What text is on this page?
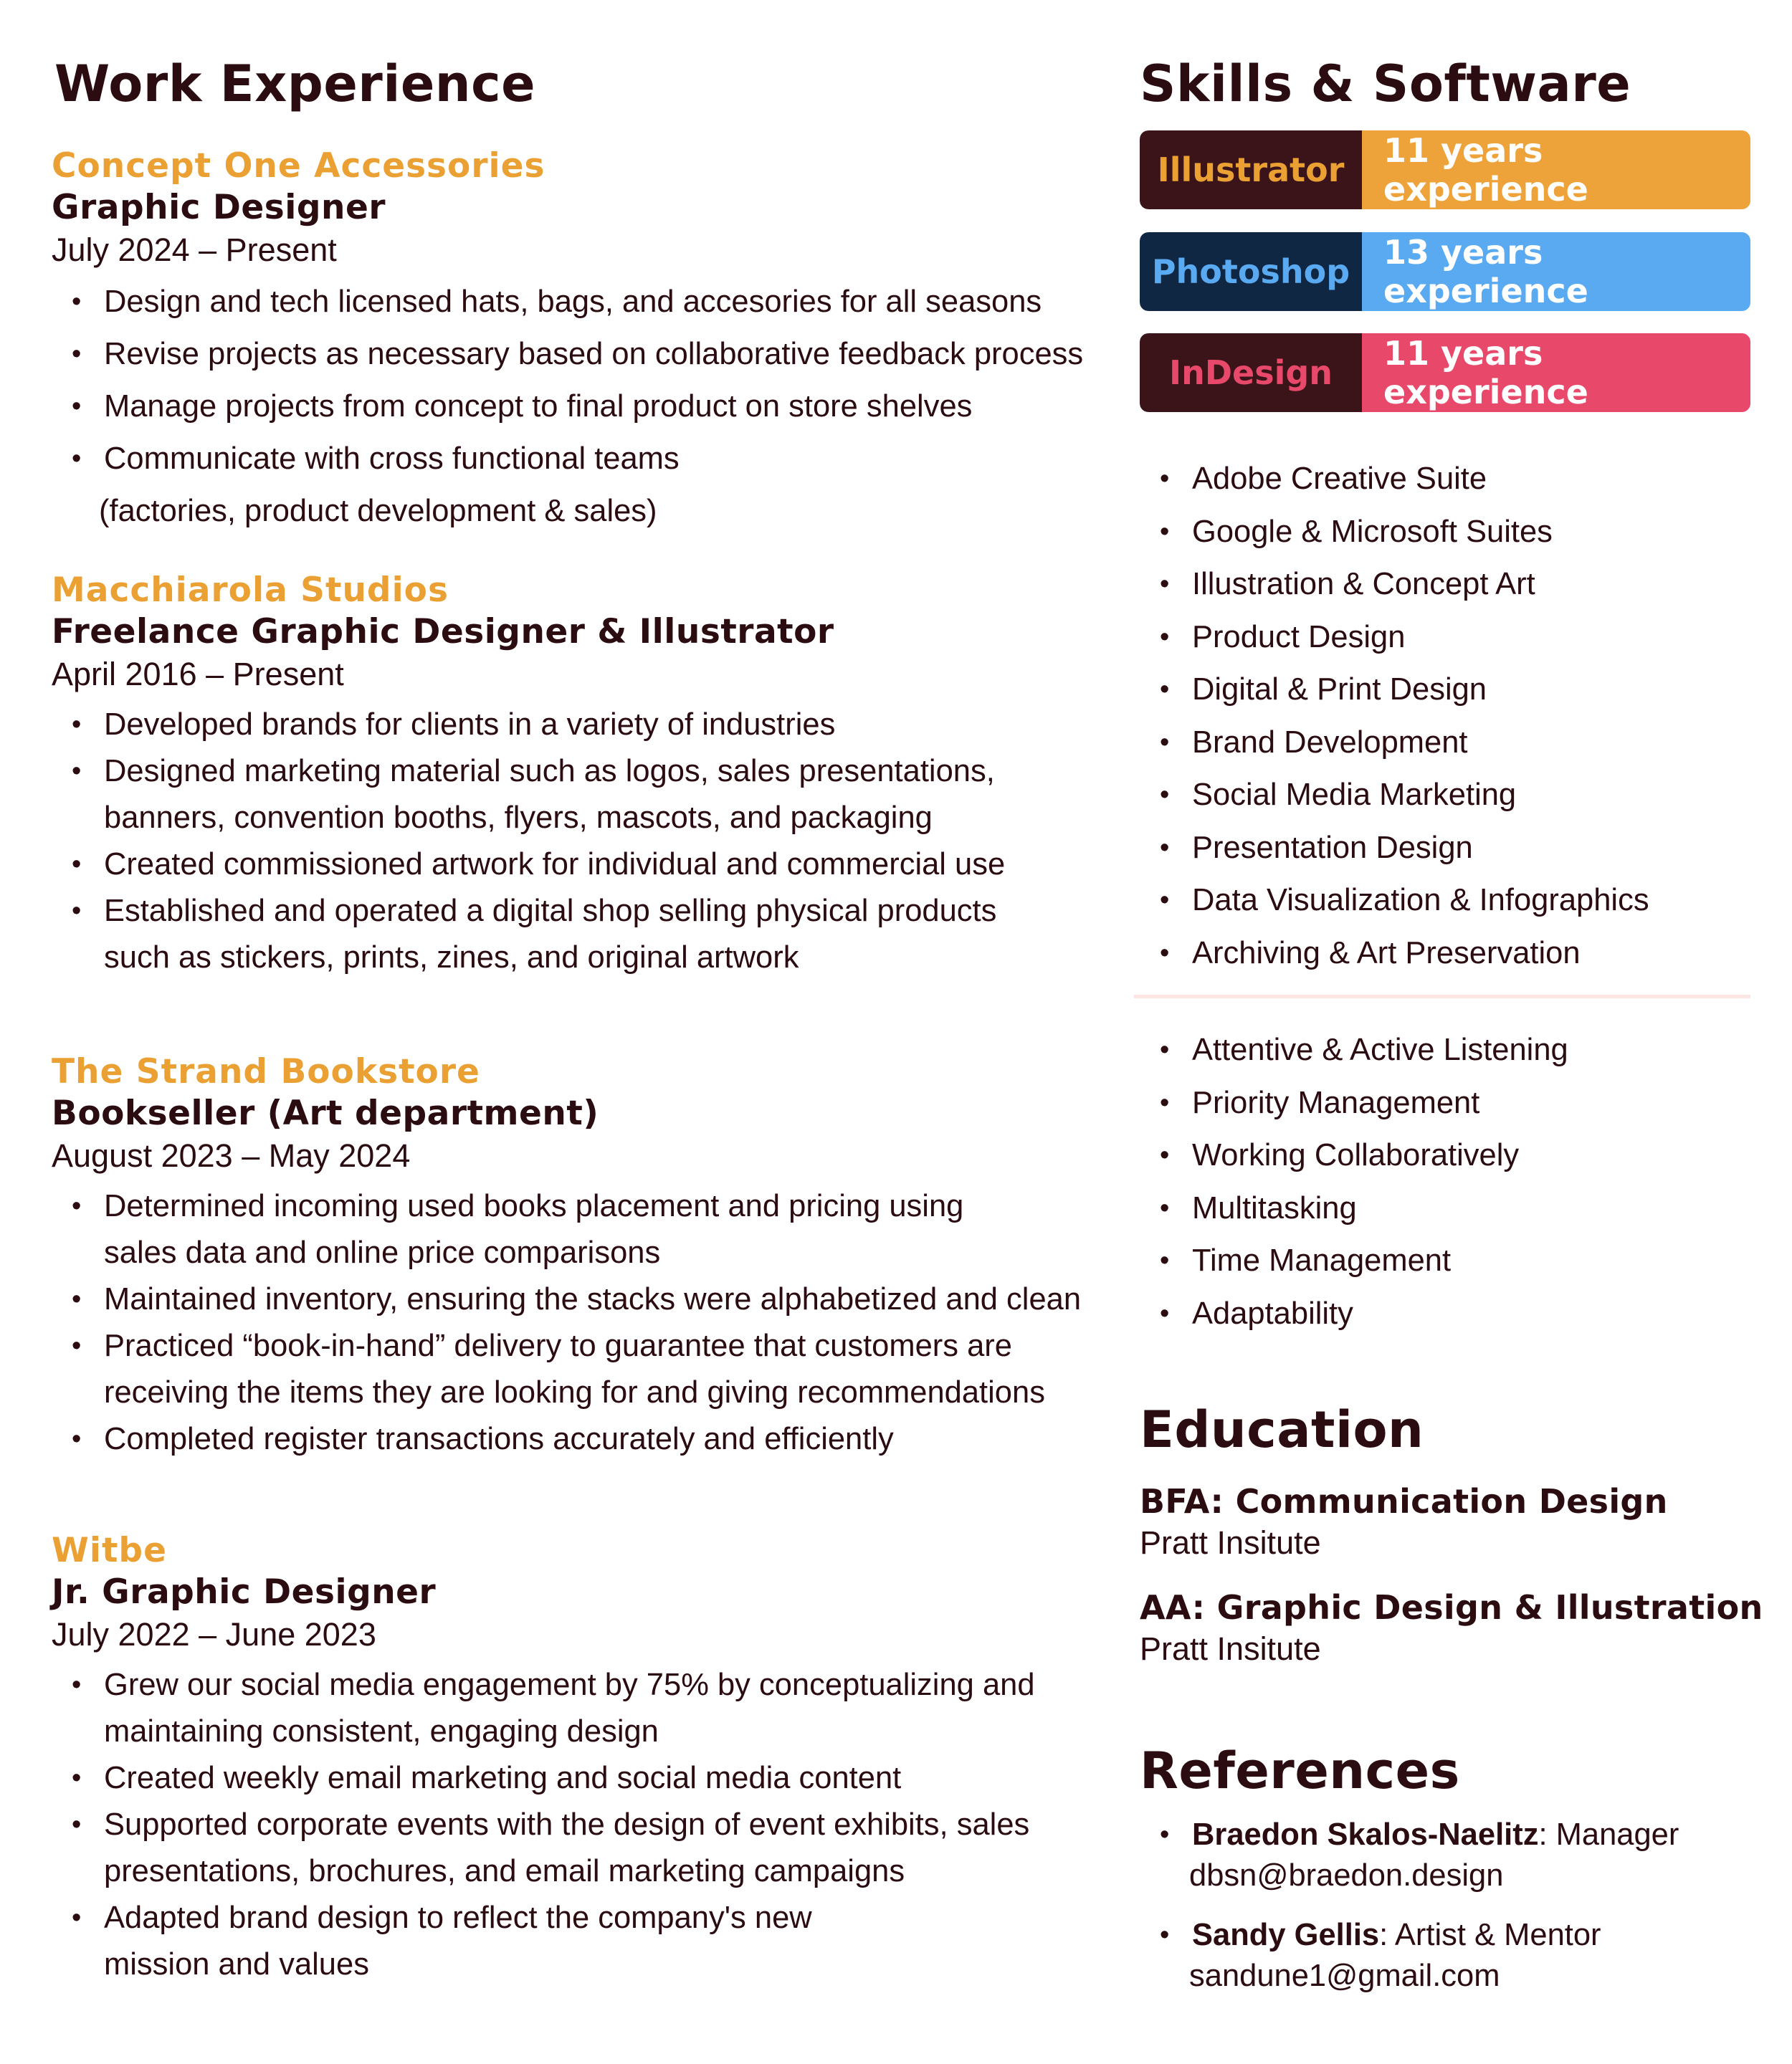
Work Experience
Concept One Accessories
Graphic Designer
July 2024 – Present
• Design and tech licensed hats, bags, and accesories for all seasons
• Revise projects as necessary based on collaborative feedback process
• Manage projects from concept to final product on store shelves
• Communicate with cross functional teams
(factories, product development & sales)
Macchiarola Studios
Freelance Graphic Designer & Illustrator
April 2016 – Present
• Developed brands for clients in a variety of industries
• Designed marketing material such as logos, sales presentations, banners, convention booths, flyers, mascots, and packaging
• Created commissioned artwork for individual and commercial use
• Established and operated a digital shop selling physical products such as stickers, prints, zines, and original artwork
The Strand Bookstore
Bookseller (Art department)
August 2023 – May 2024
• Determined incoming used books placement and pricing using sales data and online price comparisons
• Maintained inventory, ensuring the stacks were alphabetized and clean
• Practiced “book-in-hand” delivery to guarantee that customers are receiving the items they are looking for and giving recommendations
• Completed register transactions accurately and efficiently
Witbe
Jr. Graphic Designer
July 2022 – June 2023
• Grew our social media engagement by 75% by conceptualizing and maintaining consistent, engaging design
• Created weekly email marketing and social media content
• Supported corporate events with the design of event exhibits, sales presentations, brochures, and email marketing campaigns
• Adapted brand design to reflect the company's new mission and values
Skills & Software
Illustrator	11 years experience
Photoshop	13 years experience
InDesign	11 years experience
• Adobe Creative Suite
• Google & Microsoft Suites
• Illustration & Concept Art
• Product Design
• Digital & Print Design
• Brand Development
• Social Media Marketing
• Presentation Design
• Data Visualization & Infographics
• Archiving & Art Preservation
• Attentive & Active Listening
• Priority Management
• Working Collaboratively
• Multitasking
• Time Management
• Adaptability
Education
BFA: Communication Design
Pratt Insitute
AA: Graphic Design & Illustration
Pratt Insitute
References
• Braedon Skalos-Naelitz: Manager
dbsn@braedon.design
• Sandy Gellis: Artist & Mentor
sandune1@gmail.com
